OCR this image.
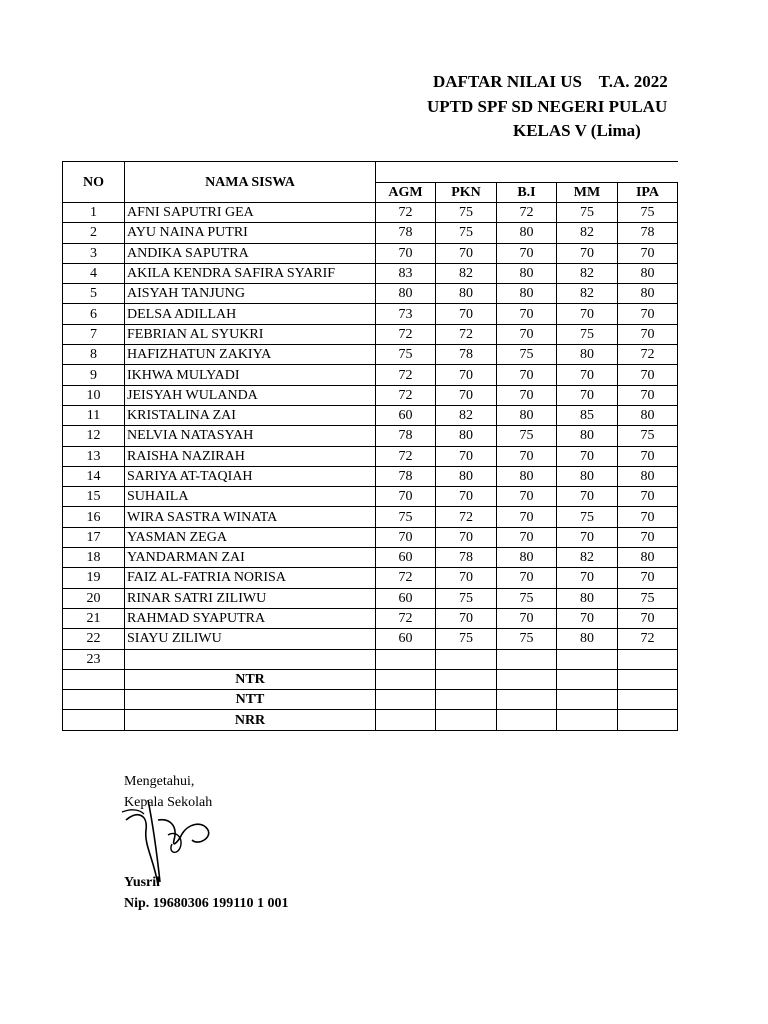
DAFTAR NILAI US    T.A. 2022
UPTD SPF SD NEGERI PULAU
KELAS V (Lima)
NO	NAMA SISWA					
		AGM	PKN	B.I	MM	IPA
1	AFNI SAPUTRI GEA	72	75	72	75	75
2	AYU NAINA PUTRI	78	75	80	82	78
3	ANDIKA SAPUTRA	70	70	70	70	70
4	AKILA KENDRA SAFIRA SYARIF	83	82	80	82	80
5	AISYAH TANJUNG	80	80	80	82	80
6	DELSA ADILLAH	73	70	70	70	70
7	FEBRIAN AL SYUKRI	72	72	70	75	70
8	HAFIZHATUN ZAKIYA	75	78	75	80	72
9	IKHWA MULYADI	72	70	70	70	70
10	JEISYAH WULANDA	72	70	70	70	70
11	KRISTALINA ZAI	60	82	80	85	80
12	NELVIA NATASYAH	78	80	75	80	75
13	RAISHA NAZIRAH	72	70	70	70	70
14	SARIYA AT-TAQIAH	78	80	80	80	80
15	SUHAILA	70	70	70	70	70
16	WIRA SASTRA WINATA	75	72	70	75	70
17	YASMAN ZEGA	70	70	70	70	70
18	YANDARMAN ZAI	60	78	80	82	80
19	FAIZ AL-FATRIA NORISA	72	70	70	70	70
20	RINAR SATRI ZILIWU	60	75	75	80	75
21	RAHMAD SYAPUTRA	72	70	70	70	70
22	SIAYU ZILIWU	60	75	75	80	72
23						
	NTR					
	NTT					
	NRR					
Mengetahui,
Kepala Sekolah
Yusril
Nip. 19680306 199110 1 001
